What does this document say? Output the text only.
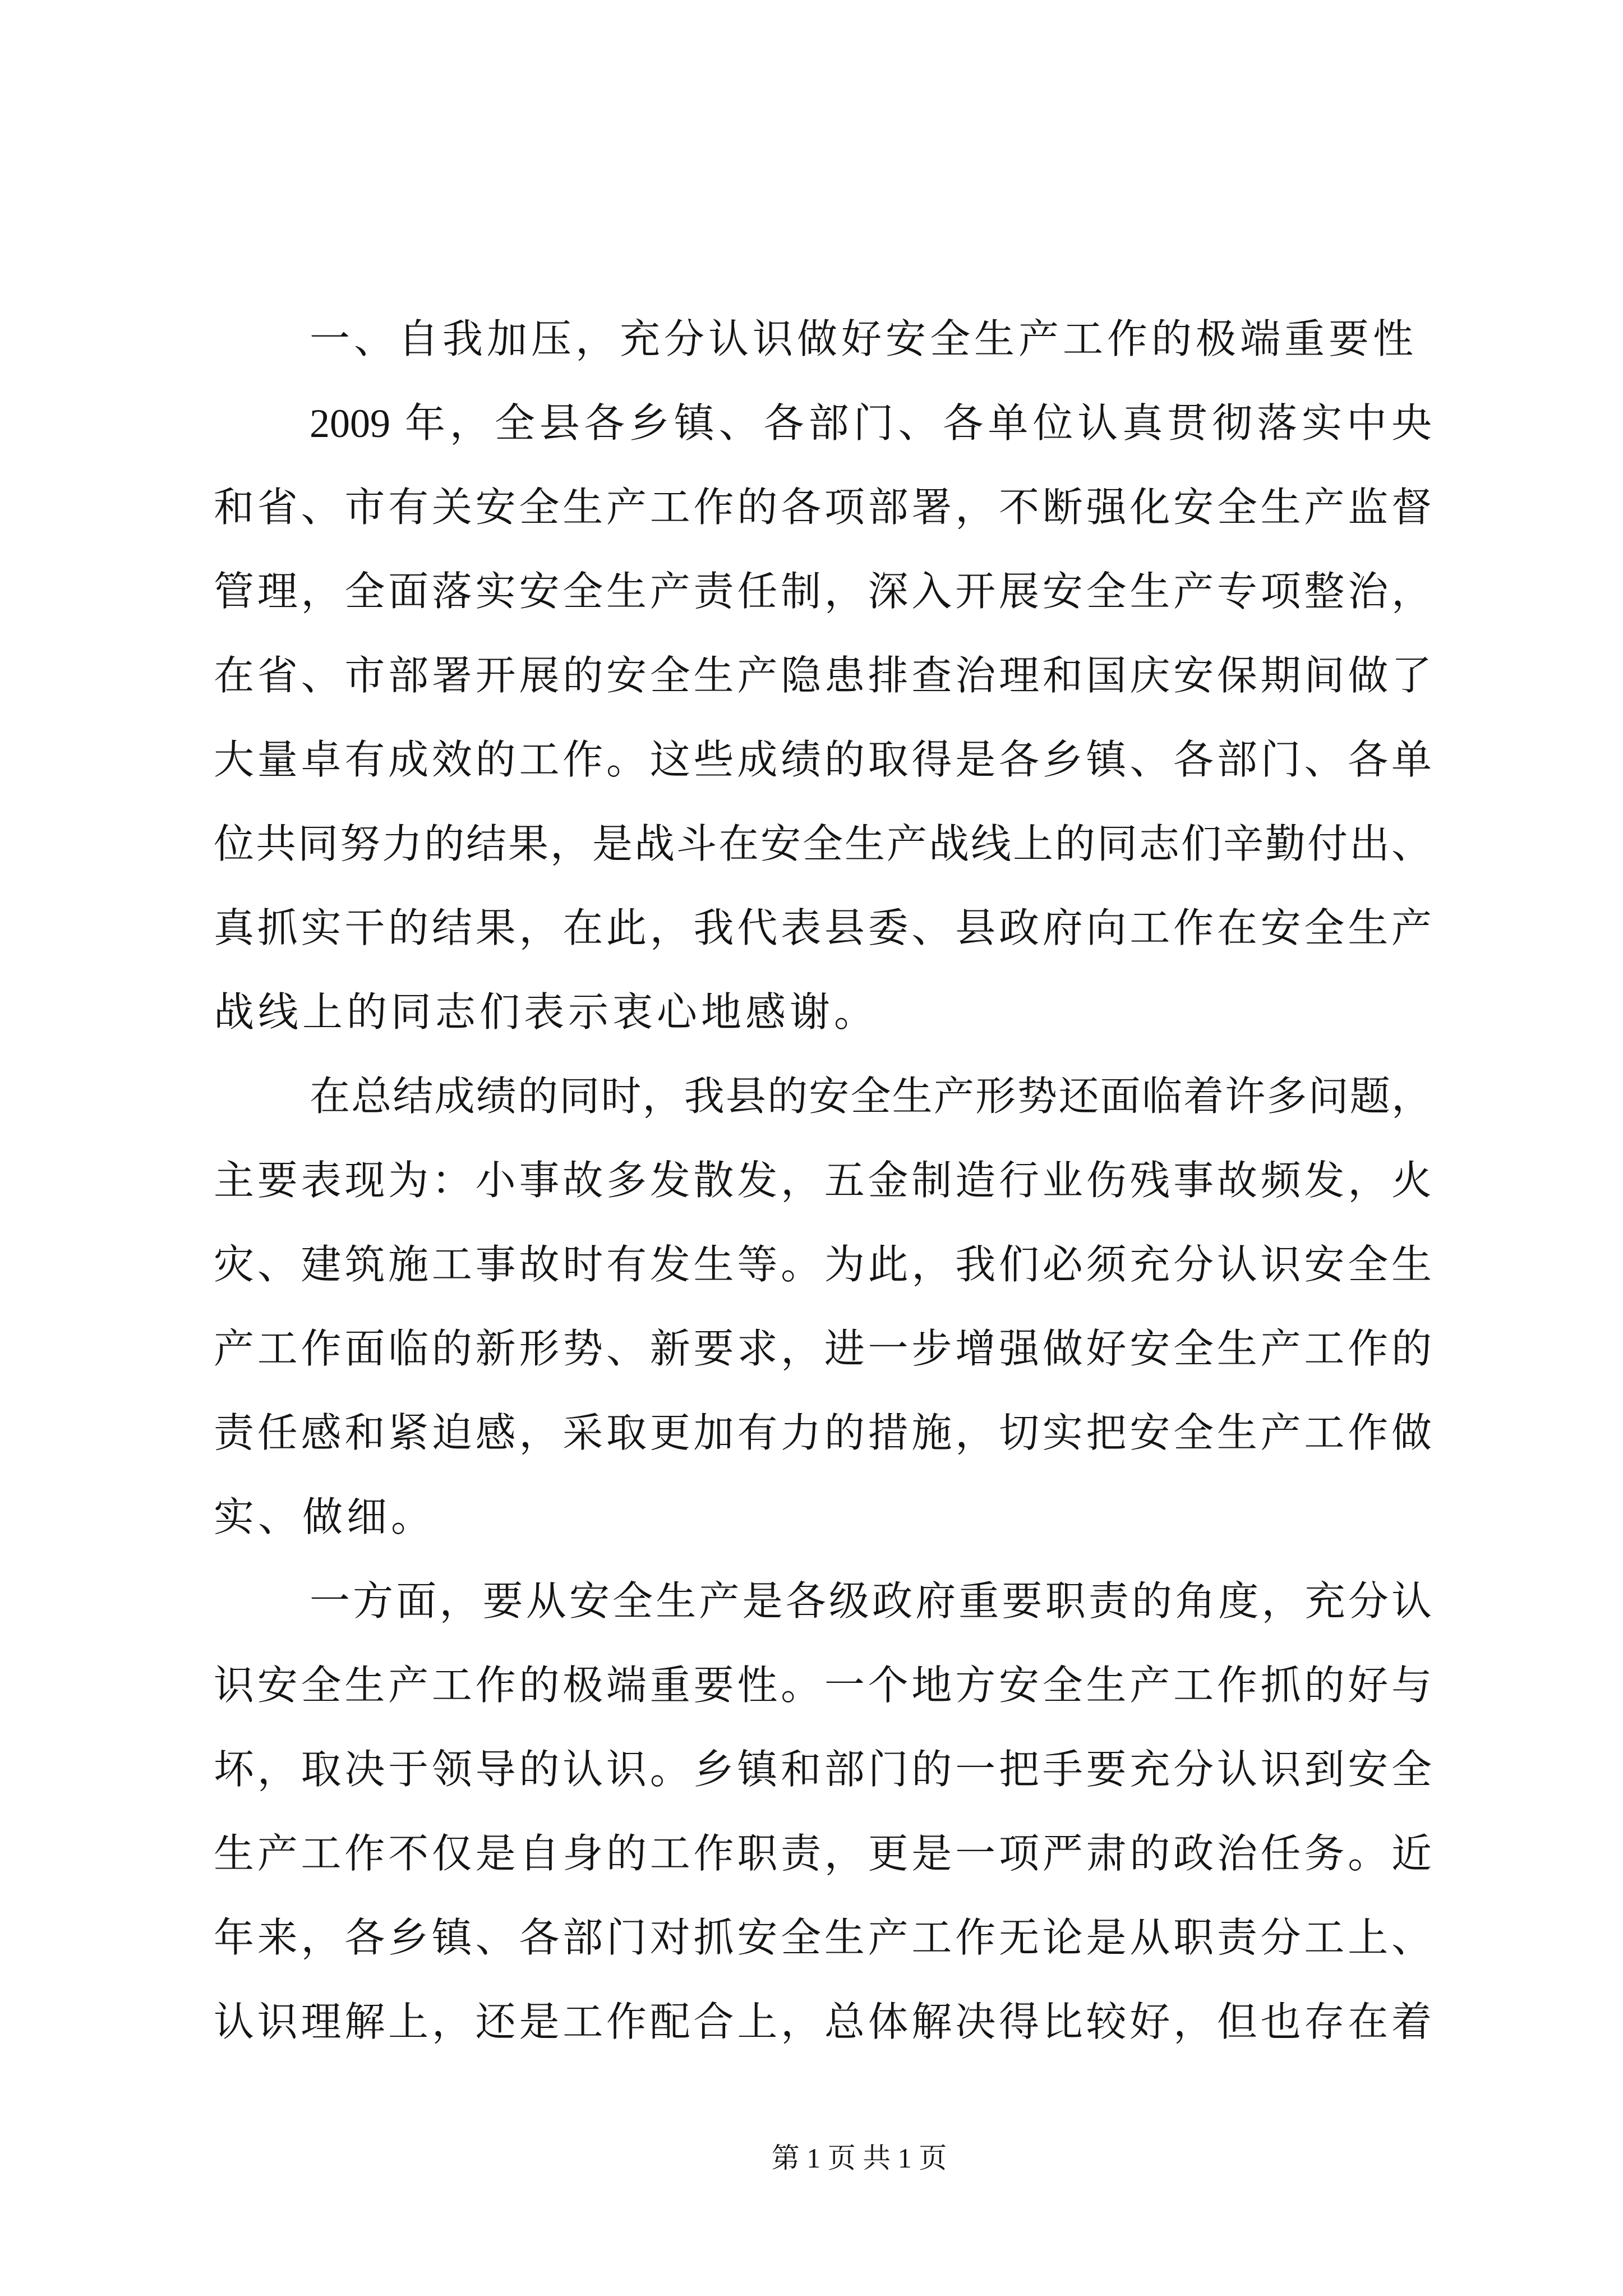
一、自我加压，充分认识做好安全生产工作的极端重要性
2009 年，全县各乡镇、各部门、各单位认真贯彻落实中央
和省、市有关安全生产工作的各项部署，不断强化安全生产监督
管理，全面落实安全生产责任制，深入开展安全生产专项整治，
在省、市部署开展的安全生产隐患排查治理和国庆安保期间做了
大量卓有成效的工作。这些成绩的取得是各乡镇、各部门、各单
位共同努力的结果，是战斗在安全生产战线上的同志们辛勤付出、
真抓实干的结果，在此，我代表县委、县政府向工作在安全生产
战线上的同志们表示衷心地感谢。
在总结成绩的同时，我县的安全生产形势还面临着许多问题，
主要表现为：小事故多发散发，五金制造行业伤残事故频发，火
灾、建筑施工事故时有发生等。为此，我们必须充分认识安全生
产工作面临的新形势、新要求，进一步增强做好安全生产工作的
责任感和紧迫感，采取更加有力的措施，切实把安全生产工作做
实、做细。
一方面，要从安全生产是各级政府重要职责的角度，充分认
识安全生产工作的极端重要性。一个地方安全生产工作抓的好与
坏，取决于领导的认识。乡镇和部门的一把手要充分认识到安全
生产工作不仅是自身的工作职责，更是一项严肃的政治任务。近
年来，各乡镇、各部门对抓安全生产工作无论是从职责分工上、
认识理解上，还是工作配合上，总体解决得比较好，但也存在着
第 1 页 共 1 页
